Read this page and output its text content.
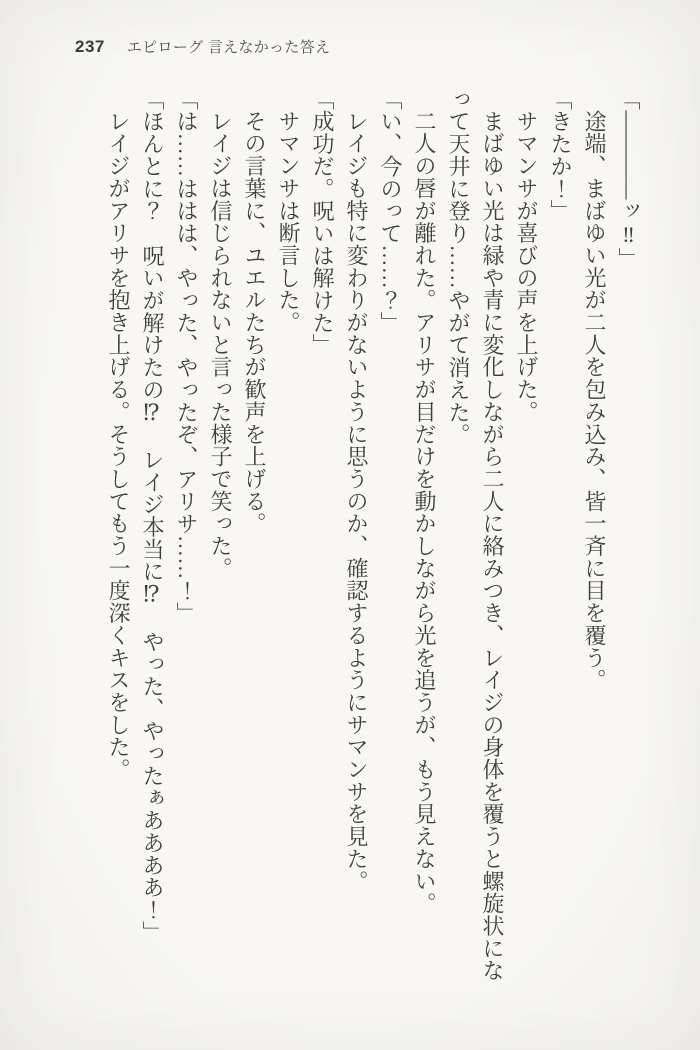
237 エピローグ 言えなかった答え

「――――ッ‼」

途端、まばゆい光が二人を包み込み、皆一斉に目を覆う。

「きたか！」

サマンサが喜びの声を上げた。

まばゆい光は緑や青に変化しながら二人に絡みつき、レイジの身体を覆うと螺旋状にな

って天井に登り……やがて消えた。

二人の唇が離れた。アリサが目だけを動かしながら光を追うが、もう見えない。

「い、今のって……？」

レイジも特に変わりがないように思うのか、確認するようにサマンサを見た。

「成功だ。呪いは解けた」

サマンサは断言した。

その言葉に、ユエルたちが歓声を上げる。

レイジは信じられないと言った様子で笑った。

「は……ははは、やった、やったぞ、アリサ……！」

「ほんとに？　呪いが解けたの⁉　レイジ本当に⁉　やった、やったぁああああ！」

レイジがアリサを抱き上げる。そうしてもう一度深くキスをした。
